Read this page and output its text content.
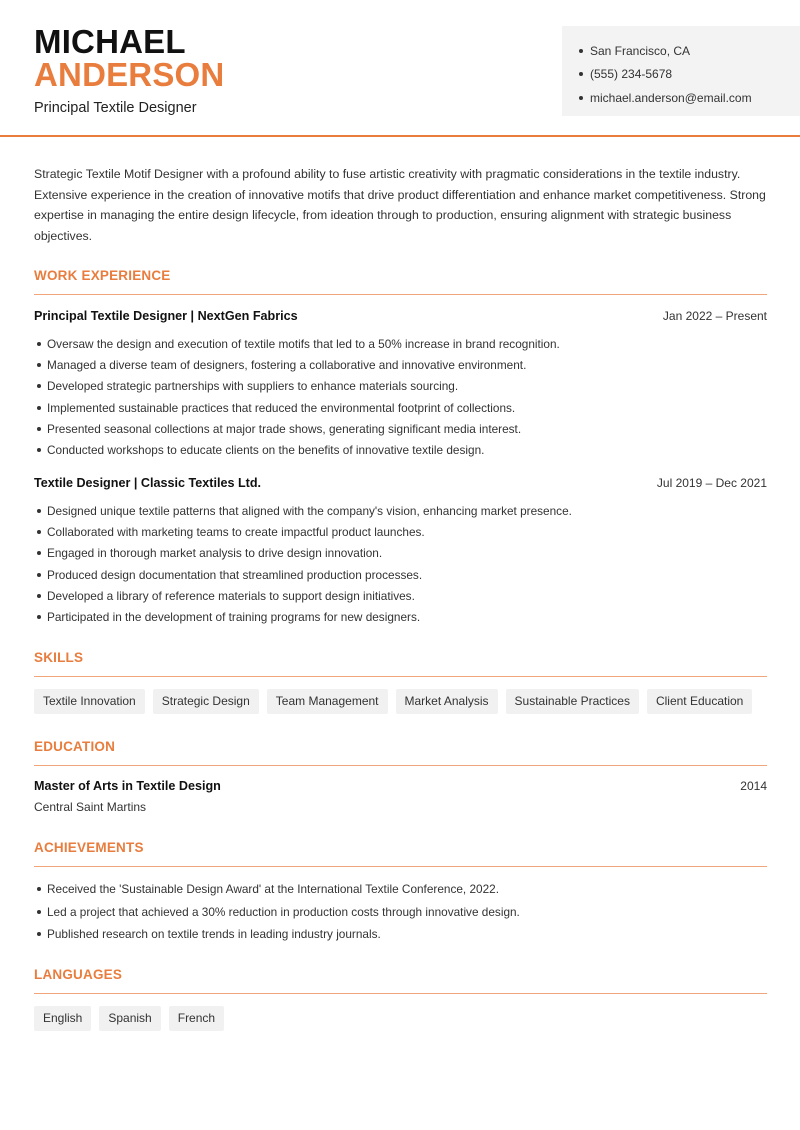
MICHAEL
ANDERSON
Principal Textile Designer
San Francisco, CA
(555) 234-5678
michael.anderson@email.com
Strategic Textile Motif Designer with a profound ability to fuse artistic creativity with pragmatic considerations in the textile industry. Extensive experience in the creation of innovative motifs that drive product differentiation and enhance market competitiveness. Strong expertise in managing the entire design lifecycle, from ideation through to production, ensuring alignment with strategic business objectives.
WORK EXPERIENCE
Principal Textile Designer | NextGen Fabrics	Jan 2022 – Present
Oversaw the design and execution of textile motifs that led to a 50% increase in brand recognition.
Managed a diverse team of designers, fostering a collaborative and innovative environment.
Developed strategic partnerships with suppliers to enhance materials sourcing.
Implemented sustainable practices that reduced the environmental footprint of collections.
Presented seasonal collections at major trade shows, generating significant media interest.
Conducted workshops to educate clients on the benefits of innovative textile design.
Textile Designer | Classic Textiles Ltd.	Jul 2019 – Dec 2021
Designed unique textile patterns that aligned with the company's vision, enhancing market presence.
Collaborated with marketing teams to create impactful product launches.
Engaged in thorough market analysis to drive design innovation.
Produced design documentation that streamlined production processes.
Developed a library of reference materials to support design initiatives.
Participated in the development of training programs for new designers.
SKILLS
Textile Innovation	Strategic Design	Team Management	Market Analysis	Sustainable Practices	Client Education
EDUCATION
Master of Arts in Textile Design	2014
Central Saint Martins
ACHIEVEMENTS
Received the 'Sustainable Design Award' at the International Textile Conference, 2022.
Led a project that achieved a 30% reduction in production costs through innovative design.
Published research on textile trends in leading industry journals.
LANGUAGES
English	Spanish	French
